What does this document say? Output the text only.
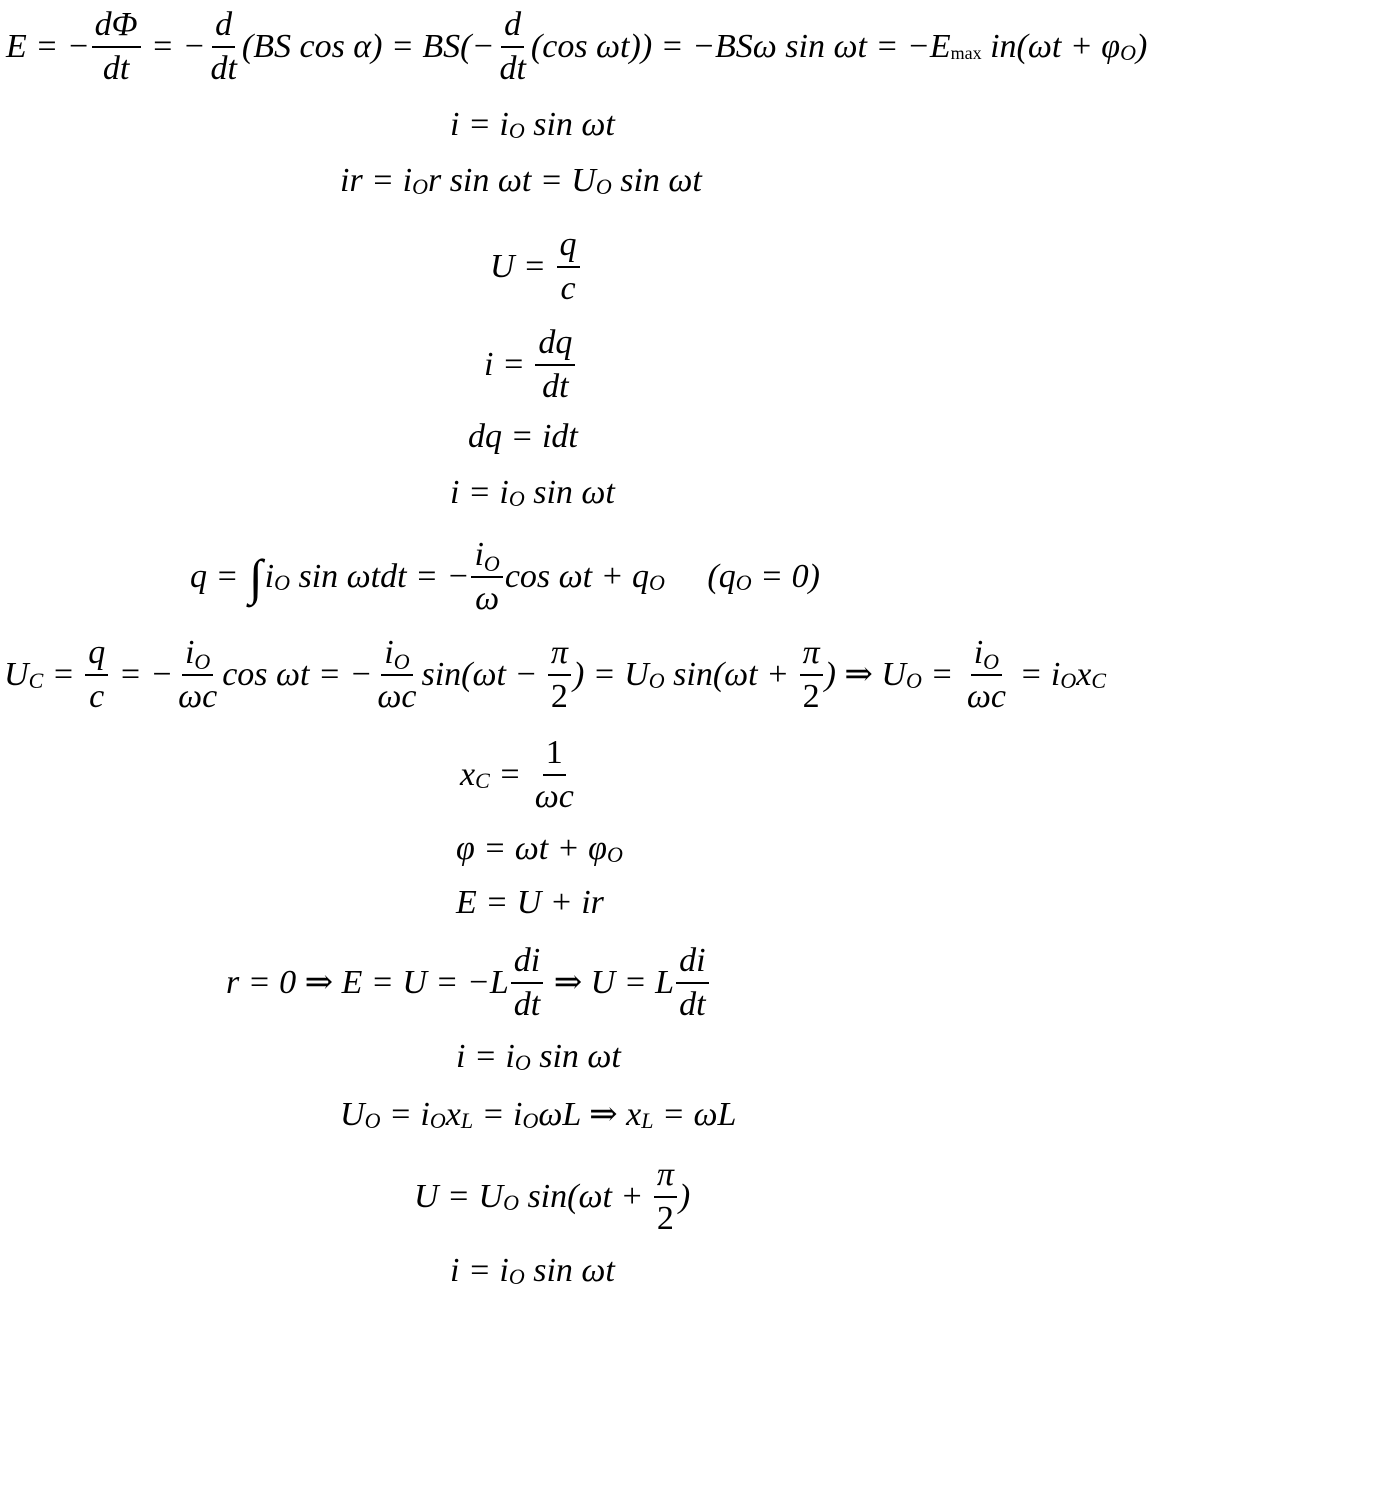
E = − $\frac{d\Phi}{dt}$ = − $\frac{d}{dt} (BS$ $\cos \alpha) = BS(- \frac{d}{dt} (\cos$ ωt)) = −BSω $\sin \omega t = -E_{max}$ $in(\omega t + \varphi_O$ )
$i = i_O$ sin ωt
ir = $i_O$ r $\sin \omega t = U_O$ sin ωt
$U = \frac{q}{c}$
$i = \frac{dq}{dt}$
dq = idt
$i = i_O$ sin ωt
q = ∫ $i_O$ sin ωtdt = − $\frac{i_O}{\omega}$ $\cos \omega t + q_O$ $(q_O = 0)$
$U_C = \frac{q}{c}$ = − $\frac{i_O}{\omega c}$ cos ωt = − $\frac{i_O}{\omega c} \sin(\omega t - \frac{\pi}{2}$ ) = $U_O$ $\sin(\omega t + \frac{\pi}{2}$ ) ⇒ $U_O = \frac{i_O}{\omega c} = i_O$ $x_C$
$x_C = \frac{1}{\omega c}$
$\varphi = \omega t + \varphi_O$
E = U + ir
r = 0 ⇒ $E = U = -L \frac{di}{dt}$ ⇒ U = L $\frac{di}{dt}$
$i = i_O$ sin ωt
$U_O = i_O$ $x_L = i_O$ ωL ⇒ $x_L = \omega L$
$U = U_O$ $\sin(\omega t + \frac{\pi}{2}$ )
$i = i_O$ sin ωt
